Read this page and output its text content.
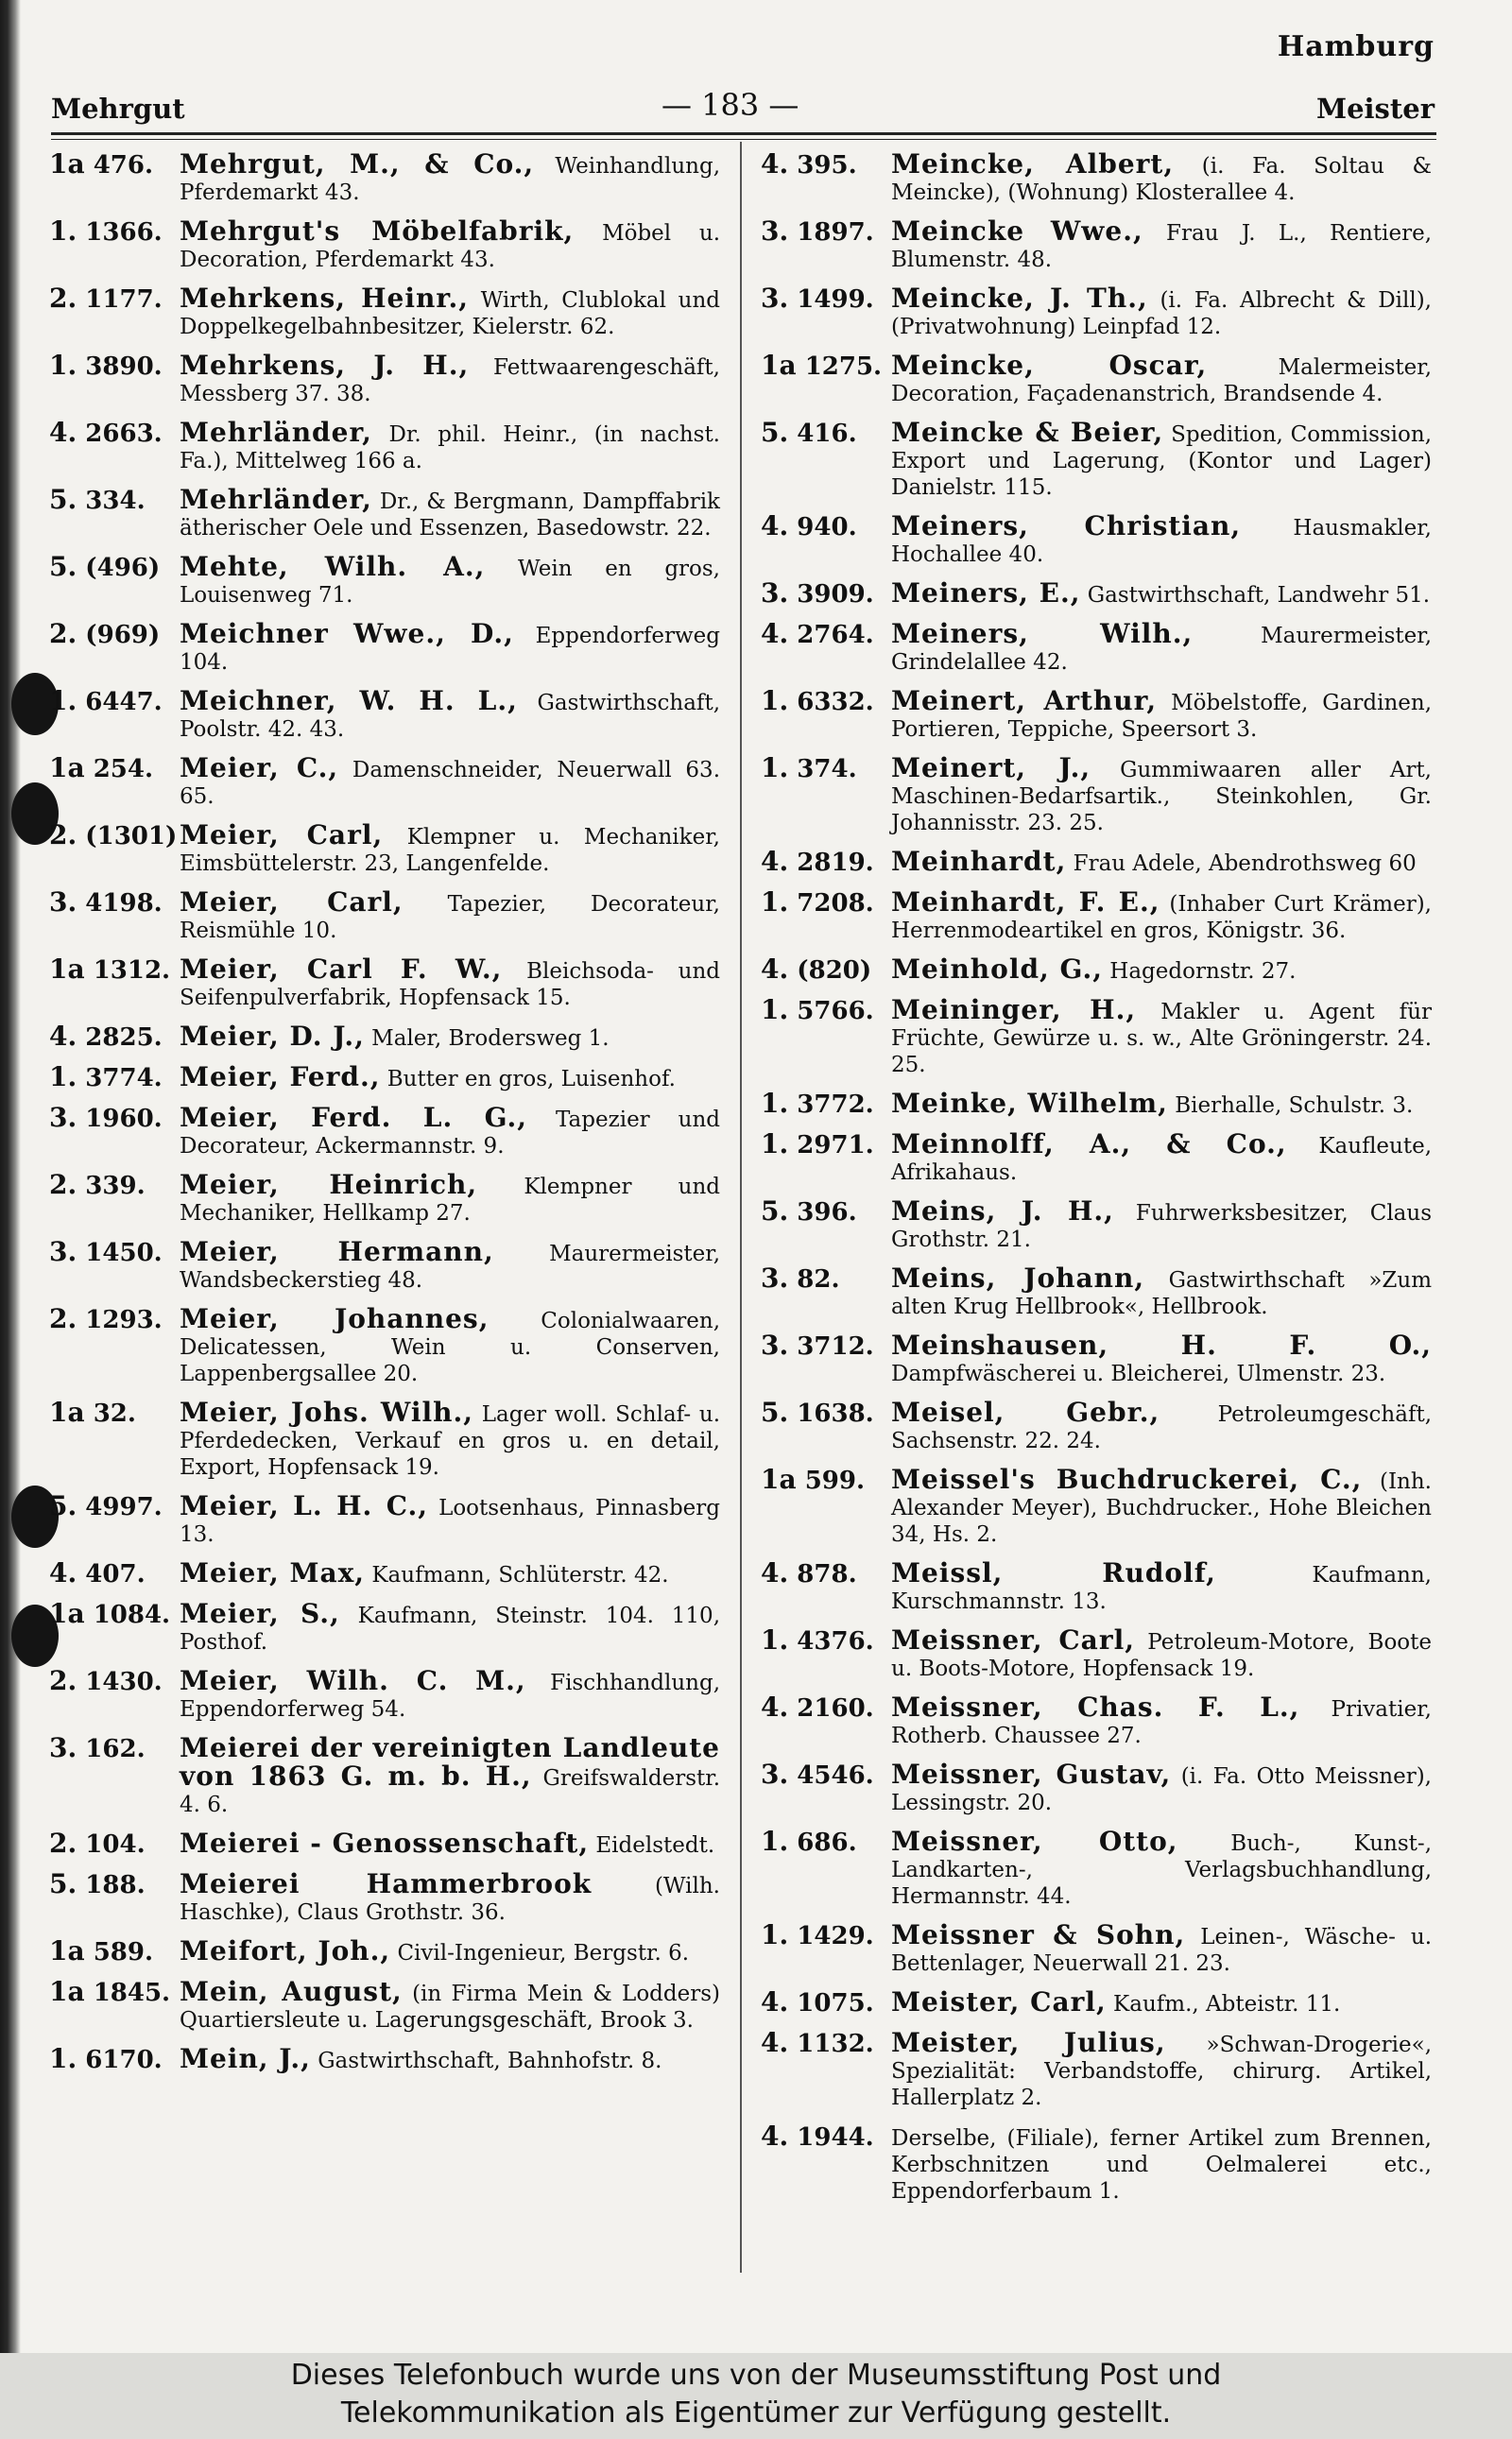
Hamburg
Mehrgut	— 183 —	Meister
1a 476. Mehrgut, M., & Co., Weinhandlung, Pferdemarkt 43.
1. 1366. Mehrgut's Möbelfabrik, Möbel u. Decoration, Pferdemarkt 43.
2. 1177. Mehrkens, Heinr., Wirth, Clublokal und Doppelkegelbahnbesitzer, Kielerstr. 62.
1. 3890. Mehrkens, J. H., Fettwaarengeschäft, Messberg 37. 38.
4. 2663. Mehrländer, Dr. phil. Heinr., (in nachst. Fa.), Mittelweg 166 a.
5. 334. Mehrländer, Dr., & Bergmann, Dampffabrik ätherischer Oele und Essenzen, Basedowstr. 22.
5. (496) Mehte, Wilh. A., Wein en gros, Louisenweg 71.
2. (969) Meichner Wwe., D., Eppendorferweg 104.
1. 6447. Meichner, W. H. L., Gastwirthschaft, Poolstr. 42. 43.
1a 254. Meier, C., Damenschneider, Neuerwall 63. 65.
2. (1301) Meier, Carl, Klempner u. Mechaniker, Eimsbüttelerstr. 23, Langenfelde.
3. 4198. Meier, Carl, Tapezier, Decorateur, Reismühle 10.
1a 1312. Meier, Carl F. W., Bleichsoda- und Seifenpulverfabrik, Hopfensack 15.
4. 2825. Meier, D. J., Maler, Brodersweg 1.
1. 3774. Meier, Ferd., Butter en gros, Luisenhof.
3. 1960. Meier, Ferd. L. G., Tapezier und Decorateur, Ackermannstr. 9.
2. 339. Meier, Heinrich, Klempner und Mechaniker, Hellkamp 27.
3. 1450. Meier, Hermann,	Maurermeister, Wandsbeckerstieg 48.
2. 1293. Meier, Johannes, Colonialwaaren, Delicatessen, Wein u. Conserven, Lappenbergsallee 20.
1a 32. Meier, Johs. Wilh., Lager woll. Schlaf- u. Pferdedecken, Verkauf en gros u. en detail, Export, Hopfensack 19.
5. 4997. Meier, L. H. C., Lootsenhaus, Pinnasberg 13.
4. 407. Meier, Max, Kaufmann, Schlüterstr. 42.
1a 1084. Meier, S., Kaufmann, Steinstr. 104. 110, Posthof.
2. 1430. Meier, Wilh. C. M., Fischhandlung, Eppendorferweg 54.
3. 162. Meierei der vereinigten Landleute von 1863 G. m. b. H., Greifswalderstr. 4. 6.
2. 104. Meierei - Genossenschaft, Eidelstedt.
5. 188. Meierei Hammerbrook	(Wilh. Haschke), Claus Grothstr. 36.
1a 589. Meifort, Joh., Civil-Ingenieur, Bergstr. 6.
1a 1845. Mein, August, (in Firma Mein & Lodders) Quartiersleute u. Lagerungsgeschäft, Brook 3.
1. 6170. Mein, J., Gastwirthschaft, Bahnhofstr. 8.
4. 395. Meincke, Albert, (i. Fa. Soltau & Meincke), (Wohnung) Klosterallee 4.
3. 1897. Meincke Wwe., Frau J. L., Rentiere, Blumenstr. 48.
3. 1499. Meincke, J. Th., (i. Fa. Albrecht & Dill), (Privatwohnung) Leinpfad 12.
1a 1275. Meincke, Oscar,	Malermeister, Decoration, Façadenanstrich, Brandsende 4.
5. 416. Meincke & Beier, Spedition, Commission, Export und Lagerung, (Kontor und Lager) Danielstr. 115.
4. 940. Meiners, Christian, Hausmakler, Hochallee 40.
3. 3909. Meiners, E., Gastwirthschaft, Landwehr 51.
4. 2764. Meiners, Wilh.,	Maurermeister, Grindelallee 42.
1. 6332. Meinert, Arthur, Möbelstoffe, Gardinen, Portieren, Teppiche, Speersort 3.
1. 374. Meinert, J., Gummiwaaren aller Art, Maschinen-Bedarfsartik., Steinkohlen, Gr. Johannisstr. 23. 25.
4. 2819. Meinhardt, Frau Adele, Abendrothsweg 60
1. 7208. Meinhardt, F. E., (Inhaber Curt Krämer), Herrenmodeartikel en gros, Königstr. 36.
4. (820) Meinhold, G., Hagedornstr. 27.
1. 5766. Meininger, H., Makler u. Agent für Früchte, Gewürze u. s. w., Alte Gröningerstr. 24. 25.
1. 3772. Meinke, Wilhelm, Bierhalle, Schulstr. 3.
1. 2971. Meinnolff, A., & Co., Kaufleute, Afrikahaus.
5. 396. Meins, J. H., Fuhrwerksbesitzer, Claus Grothstr. 21.
3. 82. Meins, Johann, Gastwirthschaft »Zum alten Krug Hellbrook«, Hellbrook.
3. 3712. Meinshausen, H. F. O., Dampfwäscherei u. Bleicherei, Ulmenstr. 23.
5. 1638. Meisel, Gebr.,	Petroleumgeschäft, Sachsenstr. 22. 24.
1a 599. Meissel's Buchdruckerei, C., (Inh. Alexander Meyer), Buchdrucker., Hohe Bleichen 34, Hs. 2.
4. 878. Meissl, Rudolf,	Kaufmann, Kurschmannstr. 13.
1. 4376. Meissner, Carl, Petroleum-Motore, Boote u. Boots-Motore, Hopfensack 19.
4. 2160. Meissner, Chas. F. L., Privatier, Rotherb. Chaussee 27.
3. 4546. Meissner, Gustav, (i. Fa. Otto Meissner), Lessingstr. 20.
1. 686. Meissner, Otto, Buch-, Kunst-, Landkarten-, Verlagsbuchhandlung, Hermannstr. 44.
1. 1429. Meissner & Sohn, Leinen-, Wäsche- u. Bettenlager, Neuerwall 21. 23.
4. 1075. Meister, Carl, Kaufm., Abteistr. 11.
4. 1132. Meister, Julius, »Schwan-Drogerie«, Spezialität: Verbandstoffe, chirurg. Artikel, Hallerplatz 2.
4. 1944. Derselbe, (Filiale), ferner Artikel zum Brennen, Kerbschnitzen und Oelmalerei etc., Eppendorferbaum 1.
Dieses Telefonbuch wurde uns von der Museumsstiftung Post und
Telekommunikation als Eigentümer zur Verfügung gestellt.
